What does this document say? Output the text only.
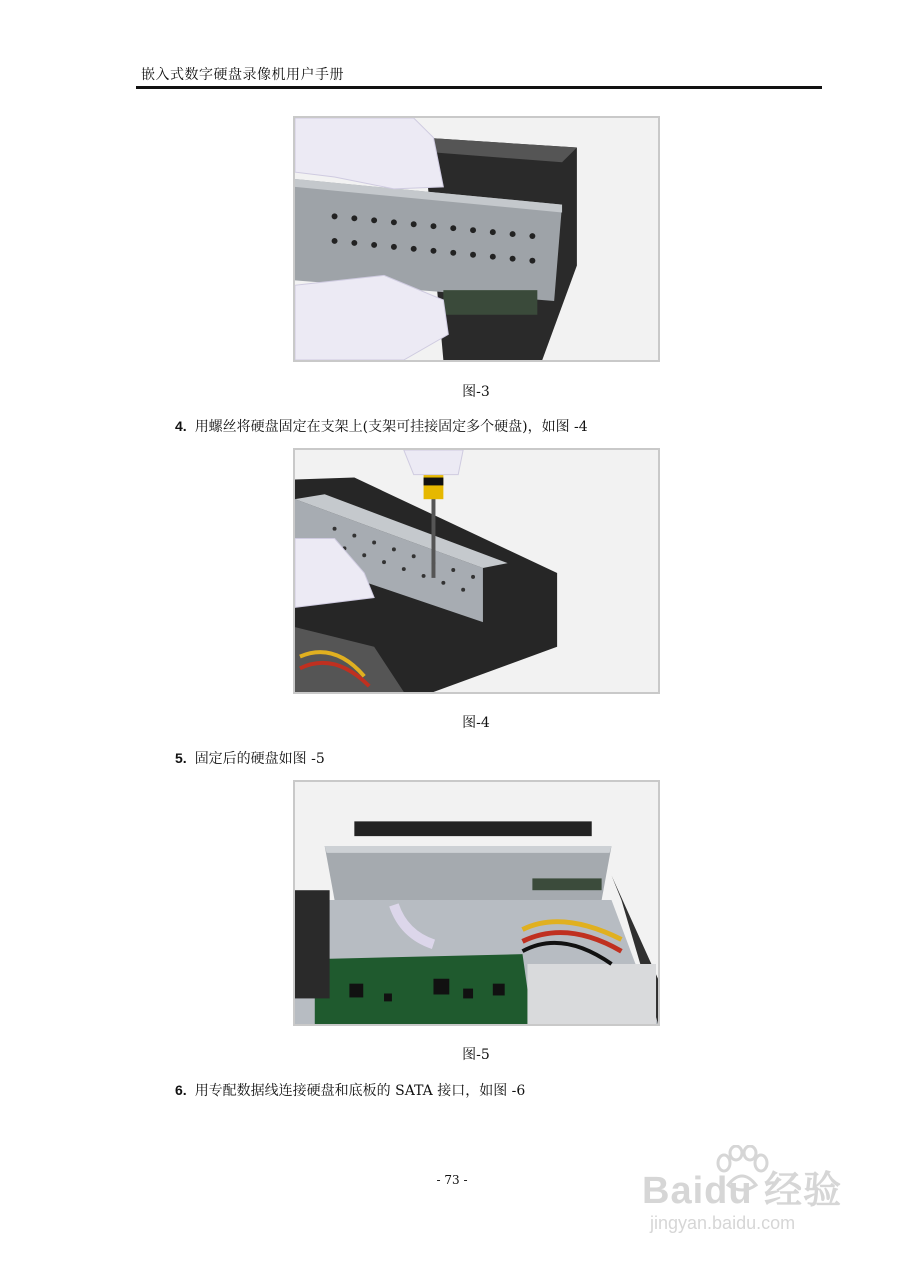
嵌入式数字硬盘录像机用户手册
图-3
4. 用螺丝将硬盘固定在支架上(支架可挂接固定多个硬盘)，如图 -4
图-4
5. 固定后的硬盘如图 -5
图-5
6. 用专配数据线连接硬盘和底板的 SATA 接口，如图 -6
- 73 -	Baidu 经验
jingyan.baidu.com
